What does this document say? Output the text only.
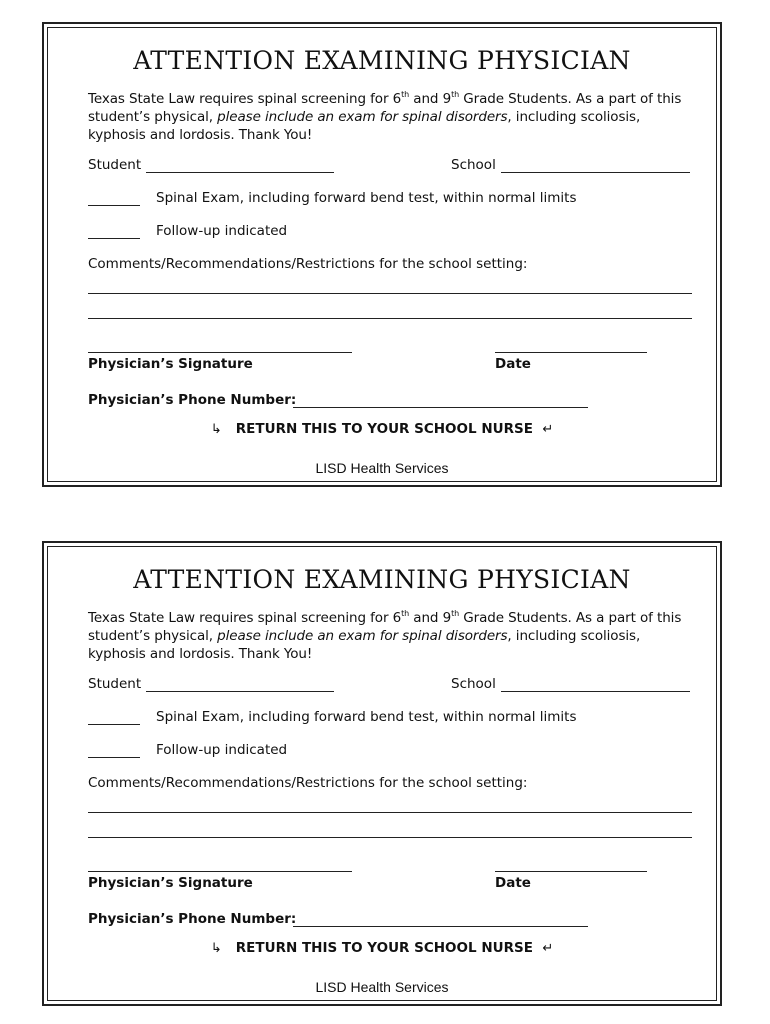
ATTENTION EXAMINING PHYSICIAN
Texas State Law requires spinal screening for 6th and 9th Grade Students. As a part of this student’s physical, please include an exam for spinal disorders, including scoliosis, kyphosis and lordosis. Thank You!
Student	School
Spinal Exam, including forward bend test, within normal limits
Follow-up indicated
Comments/Recommendations/Restrictions for the school setting:
Physician’s Signature	Date
Physician’s Phone Number:
↳ RETURN THIS TO YOUR SCHOOL NURSE ↵
LISD Health Services
ATTENTION EXAMINING PHYSICIAN
Texas State Law requires spinal screening for 6th and 9th Grade Students. As a part of this student’s physical, please include an exam for spinal disorders, including scoliosis, kyphosis and lordosis. Thank You!
Student	School
Spinal Exam, including forward bend test, within normal limits
Follow-up indicated
Comments/Recommendations/Restrictions for the school setting:
Physician’s Signature	Date
Physician’s Phone Number:
↳ RETURN THIS TO YOUR SCHOOL NURSE ↵
LISD Health Services
